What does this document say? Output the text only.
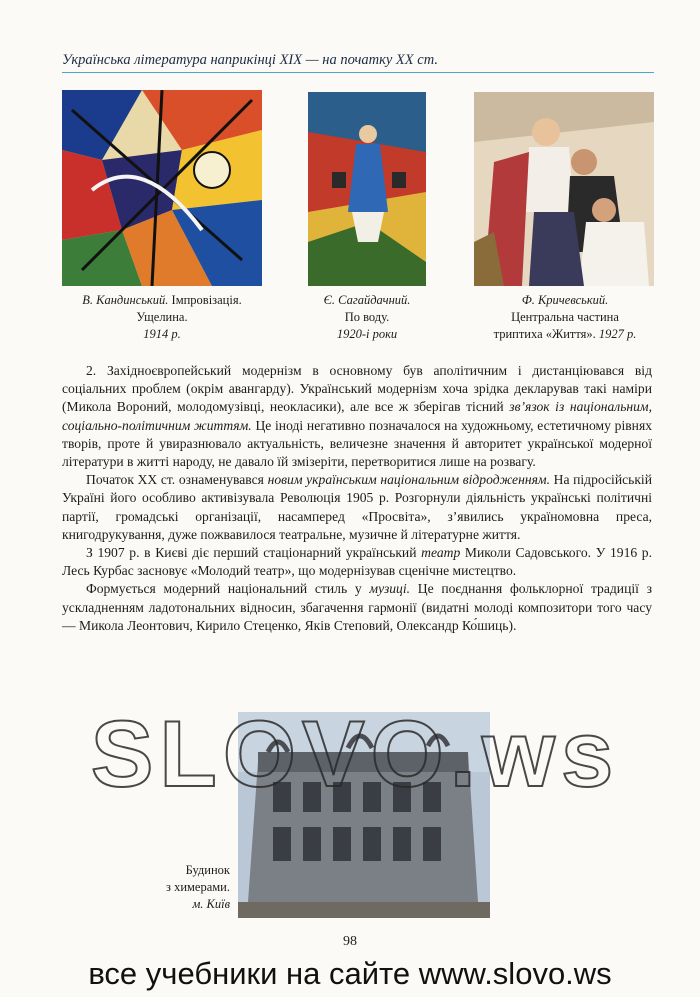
Українська література наприкінці XIX — на початку XX ст.
В. Кандинський. Імпровізація.
Ущелина.
1914 р.
Є. Сагайдачний.
По воду.
1920-і роки
Ф. Кричевський.
Центральна частина
триптиха «Життя». 1927 р.

2. Західноєвропейський модернізм в основному був аполітичним і дистанціювався від соціальних проблем (окрім авангарду). Український модернізм хоча зрідка декларував такі наміри (Микола Вороний, молодомузівці, неокласики), але все ж зберігав тісний зв’язок із національним, соціально-політичним життям. Це іноді негативно позначалося на художньому, естетичному рівнях творів, проте й увиразнювало актуальність, величезне значення й авторитет української модерної літератури в житті народу, не давало їй змізеріти, перетворитися лише на розвагу.

Початок XX ст. ознаменувався новим українським національним відродженням. На підросійській Україні його особливо активізувала Революція 1905 р. Розгорнули діяльність українські політичні партії, громадські організації, насамперед «Просвіта», з’явились україномовна преса, книгодрукування, дуже пожвавилося театральне, музичне й літературне життя.

З 1907 р. в Києві діє перший стаціонарний український театр Миколи Садовського. У 1916 р. Лесь Курбас засновує «Молодий театр», що модернізував сценічне мистецтво.

Формується модерний національний стиль у музиці. Це поєднання фольклорної традиції з ускладненням ладотональних відносин, збагачення гармонії (видатні молоді композитори того часу — Микола Леонтович, Кирило Стеценко, Яків Степовий, Олександр Ко́шиць).

Будинок
з химерами.
м. Київ
SLOVO.ws
98
все учебники на сайте www.slovo.ws
